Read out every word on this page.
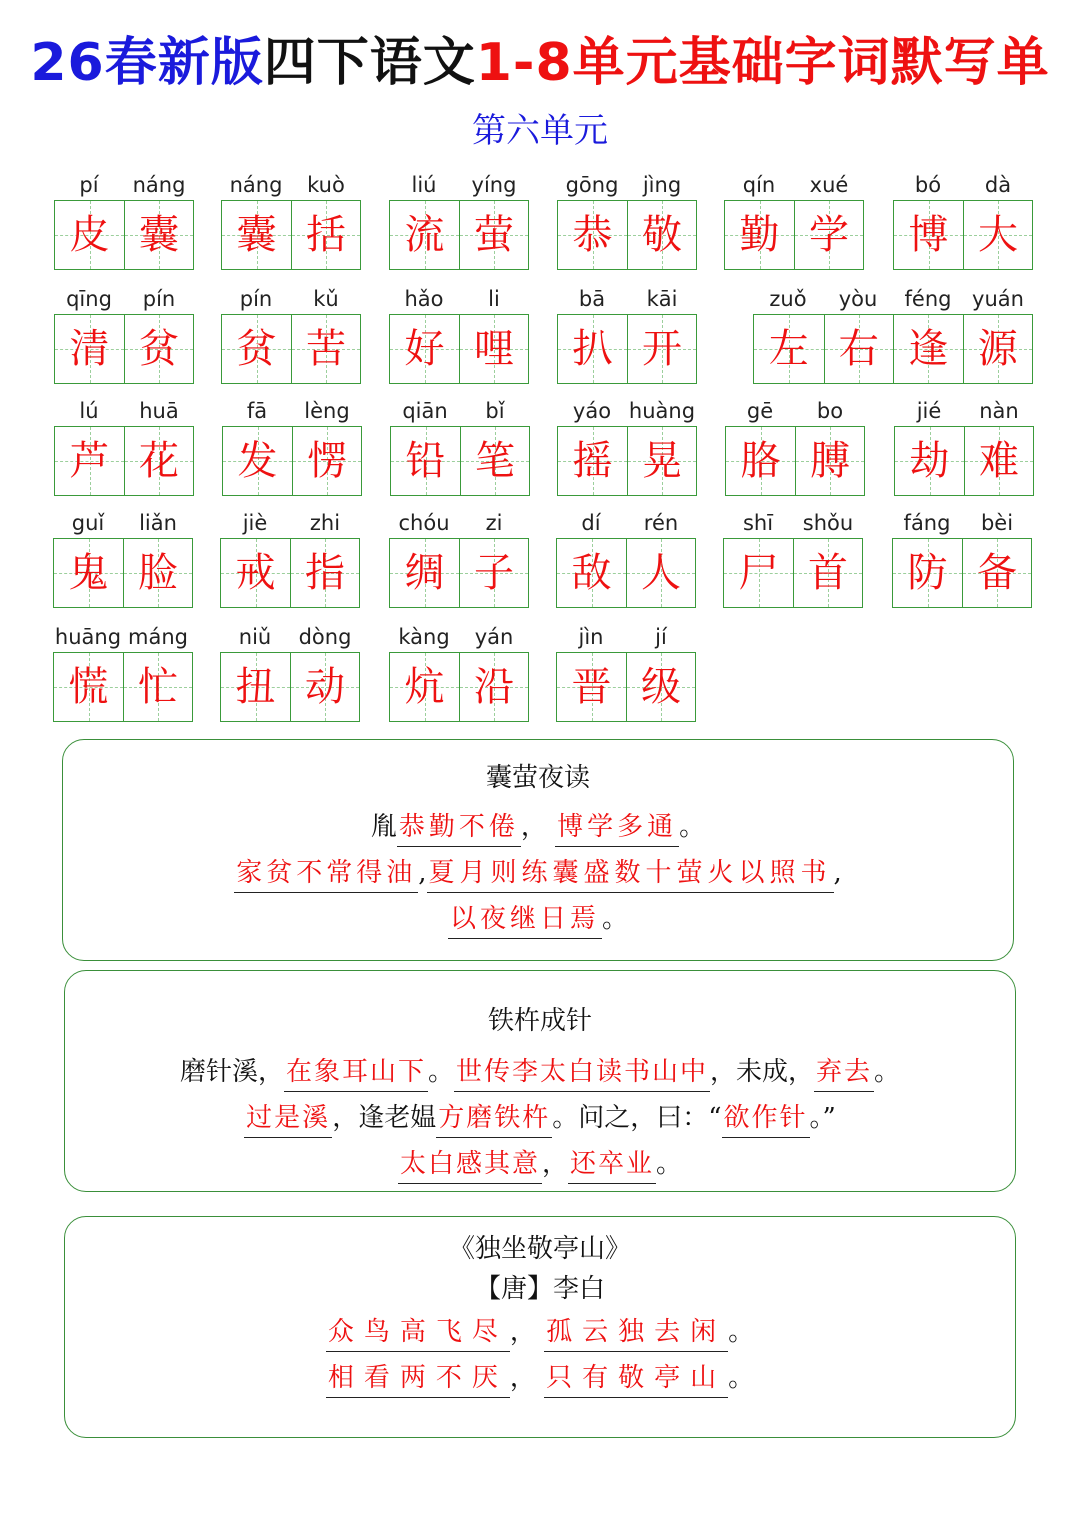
26春新版四下语文1-8单元基础字词默写单
第六单元
pí	náng
皮 囊
náng	kuò
囊 括
liú	yíng
流 萤
gōng	jìng
恭 敬
qín	xué
勤 学
bó	dà
博 大
qīng	pín
清 贫
pín	kǔ
贫 苦
hǎo	li
好 哩
bā	kāi
扒 开
zuǒ	yòu	féng yuán
左 右 逢 源
lú	huā
芦 花
fā	lèng
发 愣
qiān	bǐ
铅 笔
yáo huàng
摇 晃
gē	bo
胳 膊
jié	nàn
劫 难
guǐ	liǎn
鬼 脸
jiè	zhi
戒 指
chóu	zi
绸 子
dí	rén
敌 人
shī	shǒu
尸 首
fáng	bèi
防 备
huāng máng
慌 忙
niǔ	dòng
扭 动
kàng	yán
炕 沿
jìn	jí
晋 级
囊萤夜读
胤恭勤不倦， 博学多通。
家贫不常得油,夏月则练囊盛数十萤火以照书,
以夜继日焉。
铁杵成针
磨针溪，在象耳山下。世传李太白读书山中，未成，弃去。
过是溪，逢老媪方磨铁杵。问之，曰：“欲作针。”
太白感其意，还卒业。
《独坐敬亭山》
【唐】李白
众鸟高飞尽， 孤云独去闲。
相看两不厌， 只有敬亭山。
